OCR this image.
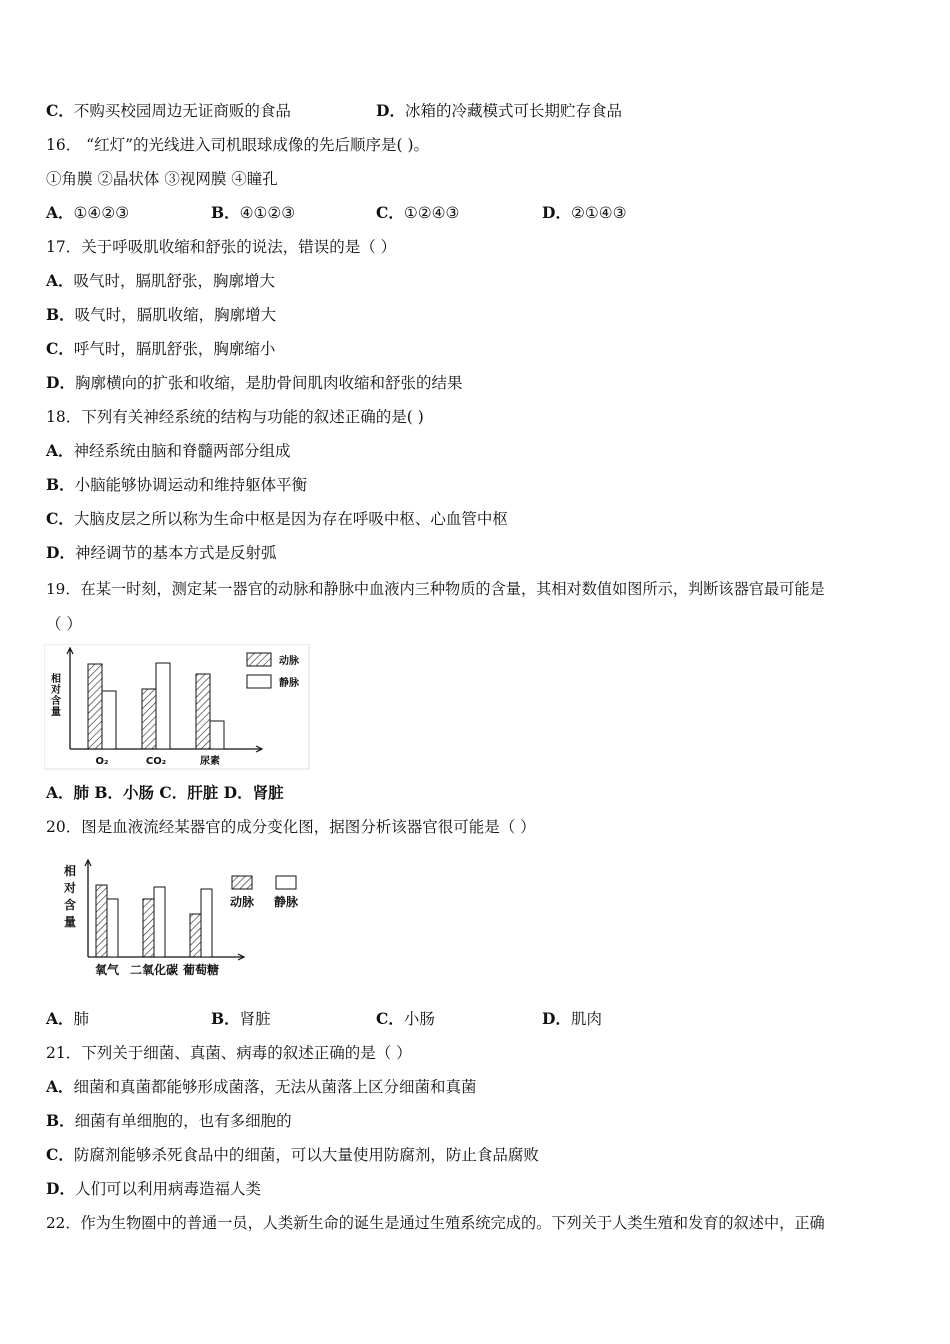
C．不购买校园周边无证商贩的食品	D．冰箱的冷藏模式可长期贮存食品
16． “红灯”的光线进入司机眼球成像的先后顺序是( )。
①角膜 ②晶状体 ③视网膜 ④瞳孔
A．①④②③	B．④①②③	C．①②④③	D．②①④③
17．关于呼吸肌收缩和舒张的说法，错误的是（ ）
A．吸气时，膈肌舒张，胸廓增大
B．吸气时，膈肌收缩，胸廓增大
C．呼气时，膈肌舒张，胸廓缩小
D．胸廓横向的扩张和收缩，是肋骨间肌肉收缩和舒张的结果
18．下列有关神经系统的结构与功能的叙述正确的是( )
A．神经系统由脑和脊髓两部分组成
B．小脑能够协调运动和维持躯体平衡
C．大脑皮层之所以称为生命中枢是因为存在呼吸中枢、心血管中枢
D．神经调节的基本方式是反射弧
19．在某一时刻，测定某一器官的动脉和静脉中血液内三种物质的含量，其相对数值如图所示，判断该器官最可能是
（ ）
O₂	CO₂	尿素
动脉
静脉
相
对
含
量
A．肺 B．小肠 C．肝脏 D．肾脏
20．图是血液流经某器官的成分变化图，据图分析该器官很可能是（ ）
氧气 二氧化碳 葡萄糖
动脉 静脉
相
对
含
量
A．肺	B．肾脏	C．小肠	D．肌肉
21．下列关于细菌、真菌、病毒的叙述正确的是（ ）
A．细菌和真菌都能够形成菌落，无法从菌落上区分细菌和真菌
B．细菌有单细胞的，也有多细胞的
C．防腐剂能够杀死食品中的细菌，可以大量使用防腐剂，防止食品腐败
D．人们可以利用病毒造福人类
22．作为生物圈中的普通一员，人类新生命的诞生是通过生殖系统完成的。下列关于人类生殖和发育的叙述中，正确
